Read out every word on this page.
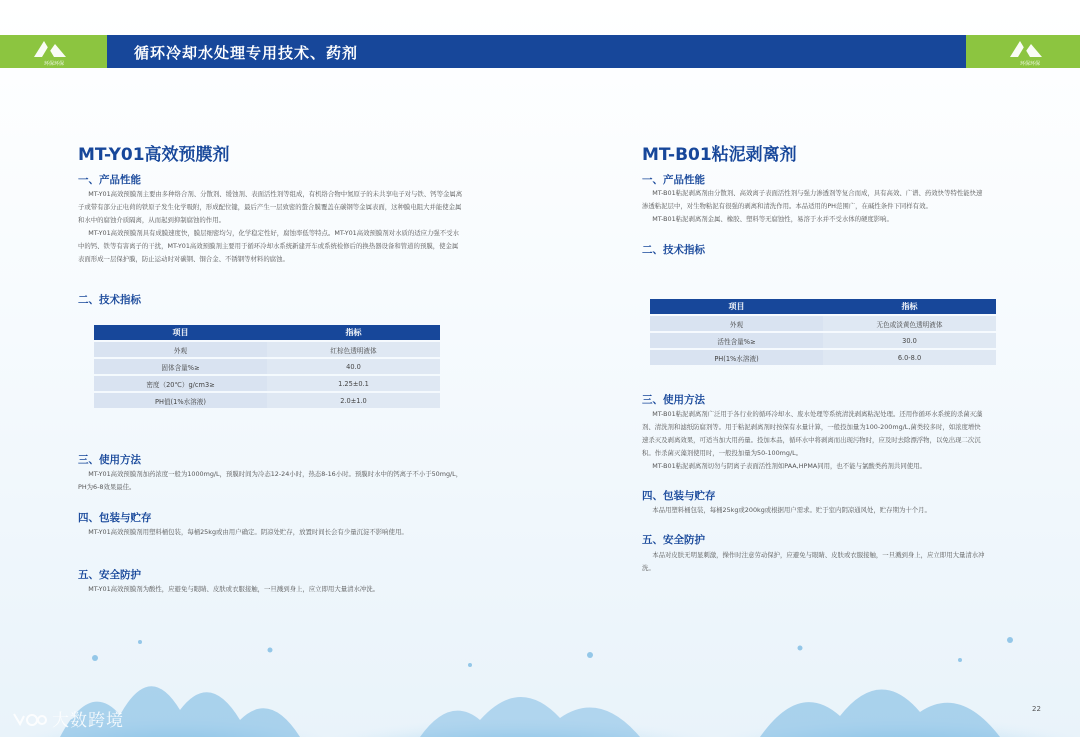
环保环保
循环冷却水处理专用技术、药剂
环保环保
MT-Y01高效预膜剂
一、产品性能
MT-Y01高效预膜剂主要由多种络合剂、分散剂、缓蚀剂、表面活性剂等组成，有机络合物中氮原子的未共享电子对与铁、钙等金属离子或带有部分正电荷的铁原子发生化学吸附，形成配位键，最后产生一层致密的螯合膜覆盖在碳钢等金属表面，这种膜电阻大并能使金属和水中的腐蚀介质隔离，从而起到抑制腐蚀的作用。
MT-Y01高效预膜剂具有成膜速度快，膜层细密均匀，化学稳定性好，腐蚀率低等特点。MT-Y01高效预膜剂对水质的适应力强不受水中的钙、铁等有害离子的干扰，MT-Y01高效预膜剂主要用于循环冷却水系统新建开车或系统检修后的换热器设备和管道的预膜，使金属表面形成一层保护膜，防止运动时对碳钢、铜合金、不锈钢等材料的腐蚀。
二、技术指标
项目	指标
外观	红棕色透明液体
固体含量%≥	40.0
密度（20℃）g/cm3≥	1.25±0.1
PH值(1%水溶液)	2.0±1.0
三、使用方法
MT-Y01高效预膜剂加药浓度一般为1000mg/L，预膜时间为冷态12-24小时，热态8-16小时。预膜时水中的钙离子不小于50mg/L，PH为6-8效果最佳。
四、包装与贮存
MT-Y01高效预膜剂用塑料桶包装，每桶25kg或由用户确定。阴凉处贮存，放置时间长会有少量沉淀不影响使用。
五、安全防护
MT-Y01高效预膜剂为酸性，应避免与眼睛、皮肤或衣服接触，一旦溅到身上，应立即用大量清水冲洗。
MT-B01粘泥剥离剂
一、产品性能
MT-B01粘泥剥离剂由分散剂、高效离子表面活性剂与强力渗透剂等复合而成，具有高效、广谱、药效快等特性能快速渗透粘泥层中，对生物粘泥有很强的剥离和清洗作用。本品适用的PH范围广，在碱性条件下同样有效。
MT-B01粘泥剥离剂金属、橡胶、塑料等无腐蚀性，易溶于水并不受水体的硬度影响。
二、技术指标
项目	指标
外观	无色或淡黄色透明液体
活性含量%≥	30.0
PH(1%水溶液)	6.0-8.0
三、使用方法
MT-B01粘泥剥离剂广泛用于各行业的循环冷却水、废水处理等系统清洗剥离粘泥处理。还用作循环水系统的杀菌灭藻剂、清洗剂和滤纸防腐剂等。用于粘泥剥离剂时按保有水量计算，一般投加量为100-200mg/L,菌类较多时，如浓度增快速杀灭及剥离效果，可适当加大用药量。投加本品，循环水中将剥离而出现污物时，应及时去除漂浮物，以免出现二次沉积。作杀菌灭藻剂使用时，一般投加量为50-100mg/L。
MT-B01粘泥剥离剂切勿与阴离子表面活性剂如PAA,HPMA同用，也不能与氯酸类药剂共同使用。
四、包装与贮存
本品用塑料桶包装，每桶25kg或200kg或根据用户需求。贮于室内阴凉通风处，贮存期为十个月。
五、安全防护
本品对皮肤无明显刺激，操作时注意劳动保护，应避免与眼睛、皮肤或衣服接触，一旦溅到身上，应立即用大量清水冲洗。
大数跨境
22
